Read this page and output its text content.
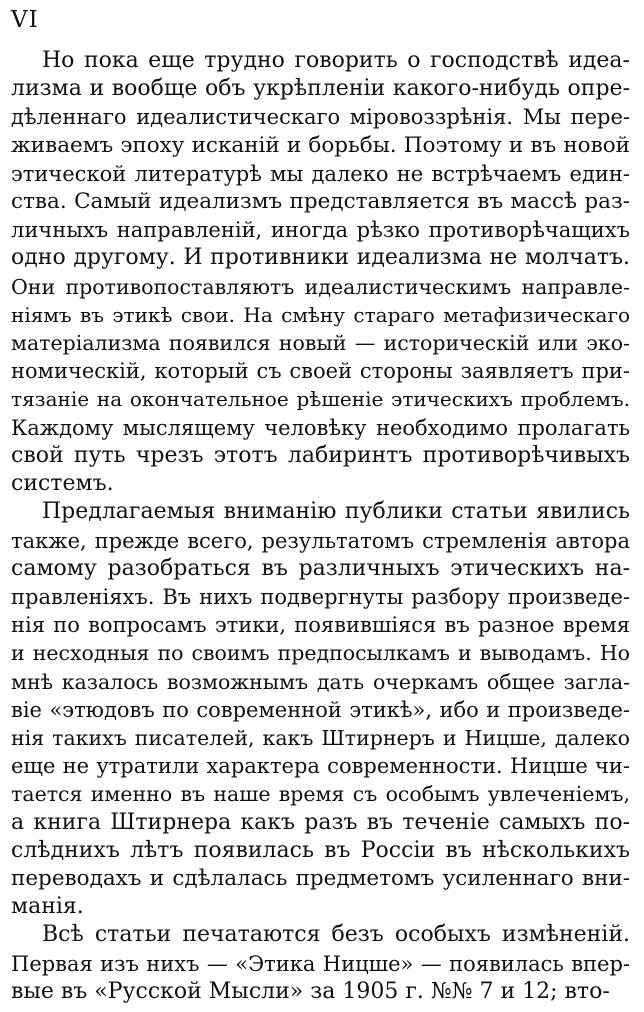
VI
Но пока еще трудно говорить о господствѣ идеа-
лизма и вообще объ укрѣпленіи какого-нибудь опре-
дѣленнаго идеалистическаго міровоззрѣнія. Мы пере-
живаемъ эпоху исканій и борьбы. Поэтому и въ новой
этической литературѣ мы далеко не встрѣчаемъ един-
ства. Самый идеализмъ представляется въ массѣ раз-
личныхъ направленій, иногда рѣзко противорѣчащихъ
одно другому. И противники идеализма не молчатъ.
Они противопоставляютъ идеалистическимъ направле-
ніямъ въ этикѣ свои. На смѣну стараго метафизическаго
матеріализма появился новый — историческій или эко-
номическій, который съ своей стороны заявляетъ при-
тязаніе на окончательное рѣшеніе этическихъ проблемъ.
Каждому мыслящему человѣку необходимо пролагать
свой путь чрезъ этотъ лабиринтъ противорѣчивыхъ
системъ.
Предлагаемыя вниманію публики статьи явились
также, прежде всего, результатомъ стремленія автора
самому разобраться въ различныхъ этическихъ на-
правленіяхъ. Въ нихъ подвергнуты разбору произведе-
нія по вопросамъ этики, появившіяся въ разное время
и несходныя по своимъ предпосылкамъ и выводамъ. Но
мнѣ казалось возможнымъ дать очеркамъ общее заглa-
віе «этюдовъ по современной этикѣ», ибо и произведе-
нія такихъ писателей, какъ Штирнеръ и Ницше, далеко
еще не утратили характера современности. Ницше чи-
тается именно въ наше время съ особымъ увлеченіемъ,
а книга Штирнера какъ разъ въ теченіе самыхъ по-
слѣднихъ лѣтъ появилась въ Россіи въ нѣсколькихъ
переводахъ и сдѣлалась предметомъ усиленнаго вни-
манія.
Всѣ статьи печатаются безъ особыхъ измѣненій.
Первая изъ нихъ — «Этика Ницше» — появилась впер-
вые въ «Русской Мысли» за 1905 г. №№ 7 и 12; вто-
